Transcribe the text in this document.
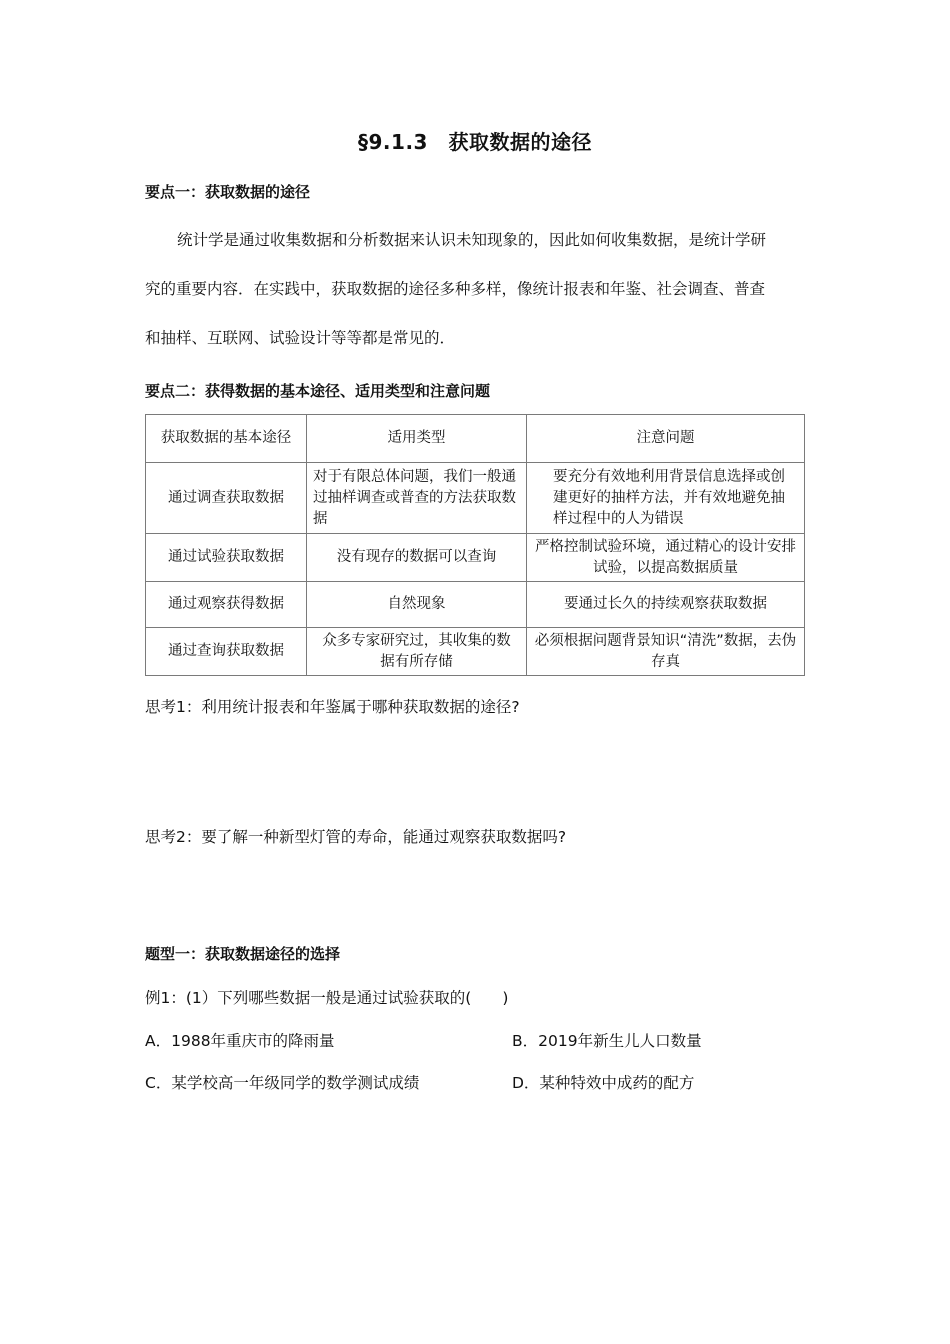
§9.1.3　获取数据的途径
要点一：获取数据的途径
统计学是通过收集数据和分析数据来认识未知现象的，因此如何收集数据，是统计学研
究的重要内容．在实践中，获取数据的途径多种多样，像统计报表和年鉴、社会调查、普查
和抽样、互联网、试验设计等等都是常见的．
要点二：获得数据的基本途径、适用类型和注意问题
获取数据的基本途径	适用类型	注意问题
通过调查获取数据	对于有限总体问题，我们一般通过抽样调查或普查的方法获取数据	要充分有效地利用背景信息选择或创建更好的抽样方法，并有效地避免抽样过程中的人为错误
通过试验获取数据	没有现存的数据可以查询	严格控制试验环境，通过精心的设计安排试验，以提高数据质量
通过观察获得数据	自然现象	要通过长久的持续观察获取数据
通过查询获取数据	众多专家研究过，其收集的数据有所存储	必须根据问题背景知识“清洗”数据，去伪存真
思考1：利用统计报表和年鉴属于哪种获取数据的途径?
思考2：要了解一种新型灯管的寿命，能通过观察获取数据吗?
题型一：获取数据途径的选择
例1：(1）下列哪些数据一般是通过试验获取的(　　)
A．1988年重庆市的降雨量	B．2019年新生儿人口数量
C．某学校高一年级同学的数学测试成绩	D．某种特效中成药的配方
